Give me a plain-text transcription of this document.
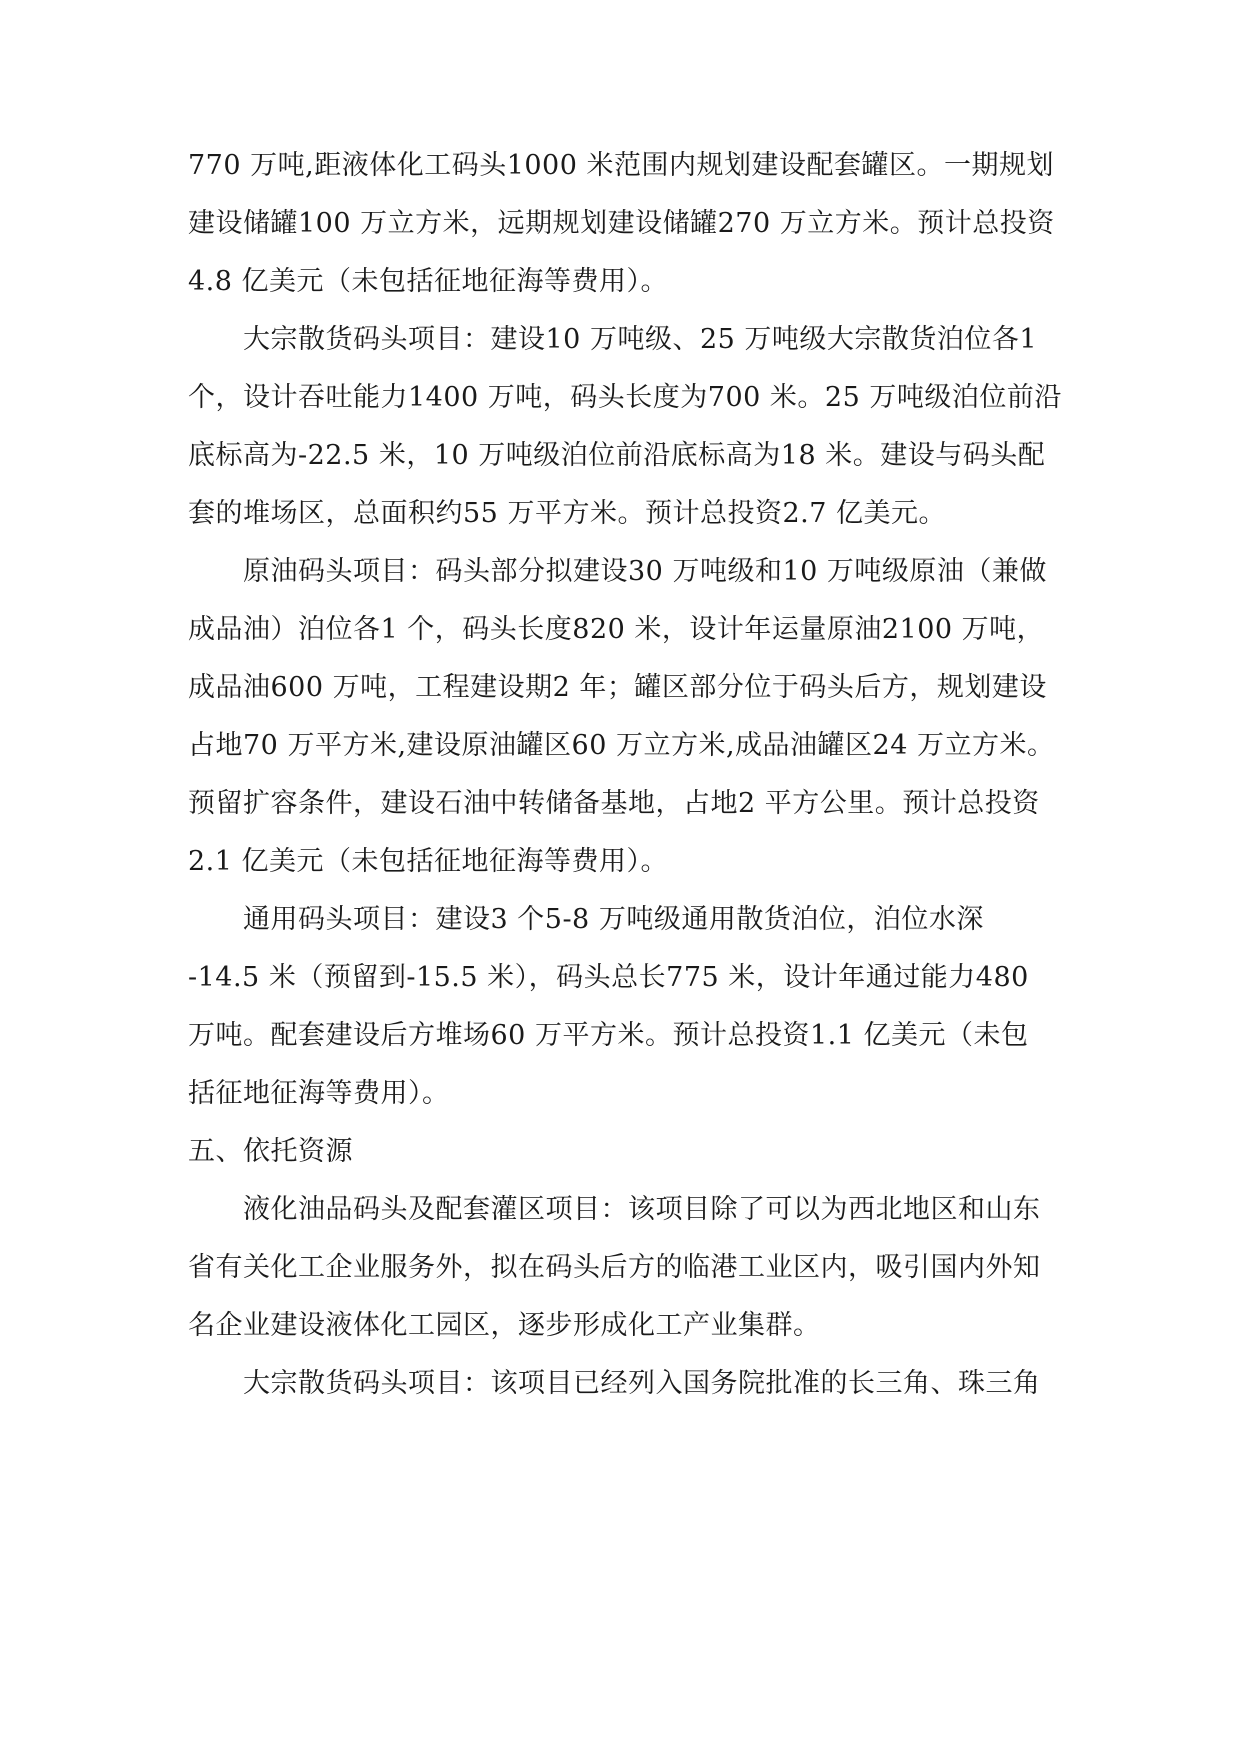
770 万吨,距液体化工码头1000 米范围内规划建设配套罐区。一期规划
建设储罐100 万立方米，远期规划建设储罐270 万立方米。预计总投资
4.8 亿美元（未包括征地征海等费用）。
大宗散货码头项目：建设10 万吨级、25 万吨级大宗散货泊位各1
个，设计吞吐能力1400 万吨，码头长度为700 米。25 万吨级泊位前沿
底标高为-22.5 米，10 万吨级泊位前沿底标高为18 米。建设与码头配
套的堆场区，总面积约55 万平方米。预计总投资2.7 亿美元。
原油码头项目：码头部分拟建设30 万吨级和10 万吨级原油（兼做
成品油）泊位各1 个，码头长度820 米，设计年运量原油2100 万吨，
成品油600 万吨，工程建设期2 年；罐区部分位于码头后方，规划建设
占地70 万平方米,建设原油罐区60 万立方米,成品油罐区24 万立方米。
预留扩容条件，建设石油中转储备基地，占地2 平方公里。预计总投资
2.1 亿美元（未包括征地征海等费用）。
通用码头项目：建设3 个5-8 万吨级通用散货泊位，泊位水深
-14.5 米（预留到-15.5 米），码头总长775 米，设计年通过能力480
万吨。配套建设后方堆场60 万平方米。预计总投资1.1 亿美元（未包
括征地征海等费用）。
五、依托资源
液化油品码头及配套灌区项目：该项目除了可以为西北地区和山东
省有关化工企业服务外，拟在码头后方的临港工业区内，吸引国内外知
名企业建设液体化工园区，逐步形成化工产业集群。
大宗散货码头项目：该项目已经列入国务院批准的长三角、珠三角
